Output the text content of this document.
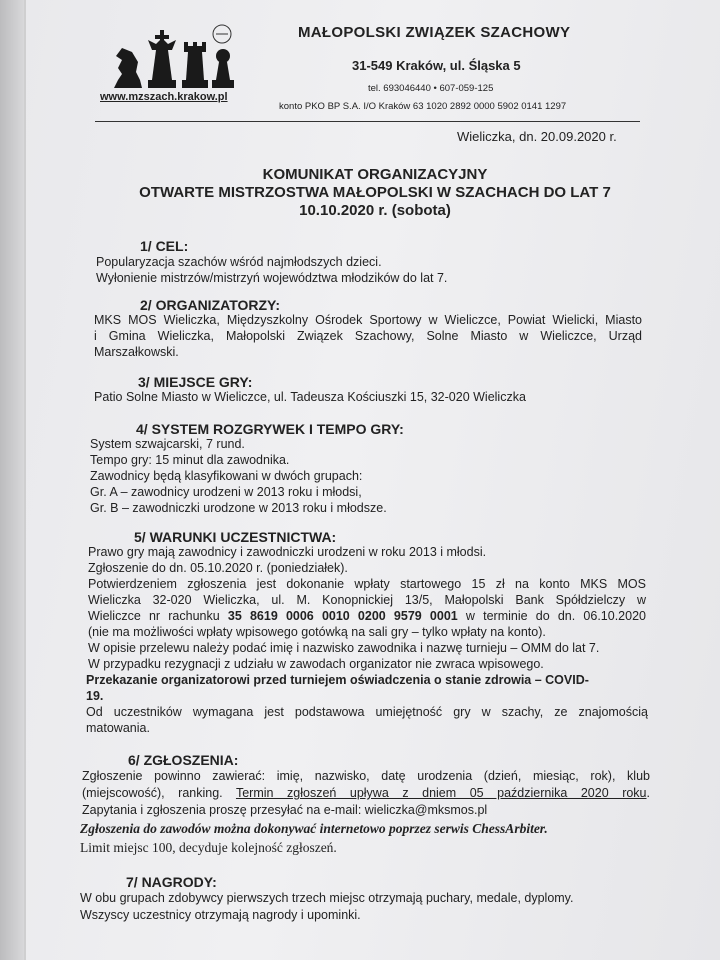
www.mzszach.krakow.pl
MAŁOPOLSKI ZWIĄZEK SZACHOWY
31-549 Kraków, ul. Śląska 5
tel. 693046440 • 607-059-125
konto PKO BP S.A. I/O Kraków 63 1020 2892 0000 5902 0141 1297
Wieliczka, dn. 20.09.2020 r.
KOMUNIKAT ORGANIZACYJNY
OTWARTE MISTRZOSTWA MAŁOPOLSKI W SZACHACH DO LAT 7
10.10.2020 r. (sobota)
1/ CEL:
Popularyzacja szachów wśród najmłodszych dzieci.
Wyłonienie mistrzów/mistrzyń województwa młodzików do lat 7.
2/ ORGANIZATORZY:
MKS MOS Wieliczka, Międzyszkolny Ośrodek Sportowy w Wieliczce, Powiat Wielicki, Miasto
i Gmina Wieliczka, Małopolski Związek Szachowy, Solne Miasto w Wieliczce, Urząd
Marszałkowski.
3/ MIEJSCE GRY:
Patio Solne Miasto w Wieliczce, ul. Tadeusza Kościuszki 15, 32-020 Wieliczka
4/ SYSTEM ROZGRYWEK I TEMPO GRY:
System szwajcarski, 7 rund.
Tempo gry: 15 minut dla zawodnika.
Zawodnicy będą klasyfikowani w dwóch grupach:
Gr. A – zawodnicy urodzeni w 2013 roku i młodsi,
Gr. B – zawodniczki urodzone w 2013 roku i młodsze.
5/ WARUNKI UCZESTNICTWA:
Prawo gry mają zawodnicy i zawodniczki urodzeni w roku 2013 i młodsi.
Zgłoszenie do dn. 05.10.2020 r. (poniedziałek).
Potwierdzeniem zgłoszenia jest dokonanie wpłaty startowego 15 zł na konto MKS MOS
Wieliczka 32-020 Wieliczka, ul. M. Konopnickiej 13/5, Małopolski Bank Spółdzielczy w
Wieliczce nr rachunku 35 8619 0006 0010 0200 9579 0001 w terminie do dn. 06.10.2020
(nie ma możliwości wpłaty wpisowego gotówką na sali gry – tylko wpłaty na konto).
W opisie przelewu należy podać imię i nazwisko zawodnika i nazwę turnieju – OMM do lat 7.
W przypadku rezygnacji z udziału w zawodach organizator nie zwraca wpisowego.
Przekazanie organizatorowi przed turniejem oświadczenia o stanie zdrowia – COVID-
19.
Od uczestników wymagana jest podstawowa umiejętność gry w szachy, ze znajomością
matowania.
6/ ZGŁOSZENIA:
Zgłoszenie powinno zawierać: imię, nazwisko, datę urodzenia (dzień, miesiąc, rok), klub
(miejscowość), ranking. Termin zgłoszeń upływa z dniem 05 października 2020 roku.
Zapytania i zgłoszenia proszę przesyłać na e-mail: wieliczka@mksmos.pl
Zgłoszenia do zawodów można dokonywać internetowo poprzez serwis ChessArbiter.
Limit miejsc 100, decyduje kolejność zgłoszeń.
7/ NAGRODY:
W obu grupach zdobywcy pierwszych trzech miejsc otrzymają puchary, medale, dyplomy.
Wszyscy uczestnicy otrzymają nagrody i upominki.
